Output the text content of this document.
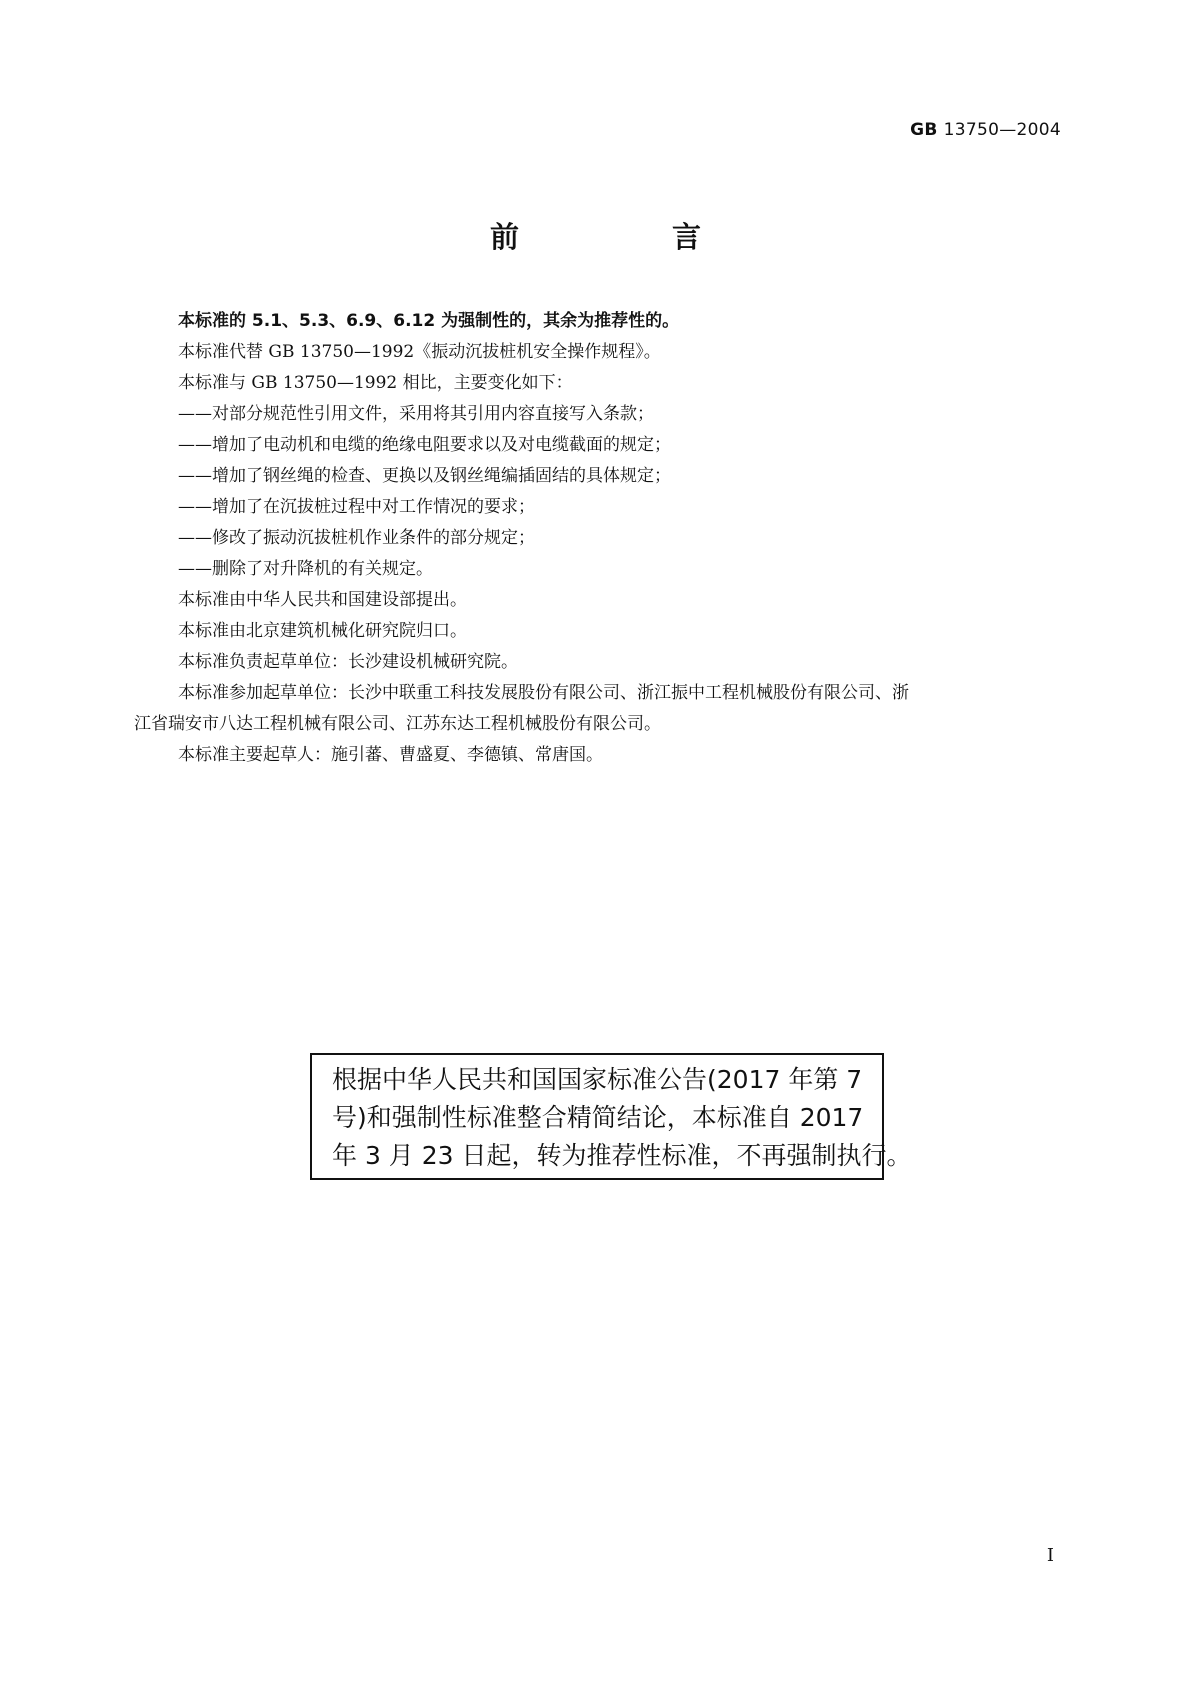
GB 13750—2004
前　言

本标准的 5.1、5.3、6.9、6.12 为强制性的，其余为推荐性的。

本标准代替 GB 13750—1992《振动沉拔桩机安全操作规程》。

本标准与 GB 13750—1992 相比，主要变化如下：

——对部分规范性引用文件，采用将其引用内容直接写入条款；

——增加了电动机和电缆的绝缘电阻要求以及对电缆截面的规定；

——增加了钢丝绳的检查、更换以及钢丝绳编插固结的具体规定；

——增加了在沉拔桩过程中对工作情况的要求；

——修改了振动沉拔桩机作业条件的部分规定；

——删除了对升降机的有关规定。

本标准由中华人民共和国建设部提出。

本标准由北京建筑机械化研究院归口。

本标准负责起草单位：长沙建设机械研究院。

本标准参加起草单位：长沙中联重工科技发展股份有限公司、浙江振中工程机械股份有限公司、浙

江省瑞安市八达工程机械有限公司、江苏东达工程机械股份有限公司。

本标准主要起草人：施引蕃、曹盛夏、李德镇、常唐国。

根据中华人民共和国国家标准公告(2017 年第 7

号)和强制性标准整合精简结论，本标准自 2017

年 3 月 23 日起，转为推荐性标准，不再强制执行。

I
